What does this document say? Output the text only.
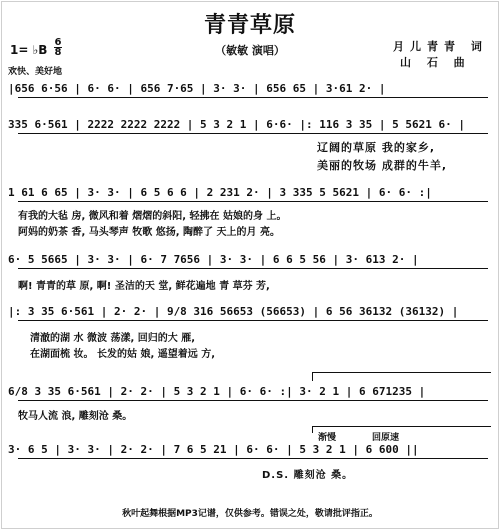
青青草原
（敏敏 演唱）	月儿青青 词
山 石 曲
1= ♭B
6
8
欢快、美好地
|656 6·56 | 6· 6· | 656 7·65 | 3· 3· | 656 65 | 3·61 2· |
335 6·561 | 2222 2222 2222 | 5 3 2 1 | 6·6· |: 116 3 35 | 5 5621 6· |
辽阔的草原 我的家乡,
美丽的牧场 成群的牛羊,
1 61 6 65 | 3· 3· | 6 5 6 6 | 2 231 2· | 3 335 5 5621 | 6· 6· :|
有我的大毡 房, 微风和着 熠熠的斜阳, 轻拂在 姑娘的身 上。
阿妈的奶茶 香, 马头琴声 牧歌 悠扬, 陶醉了 天上的月 亮。
6· 5 5665 | 3· 3· | 6· 7 7656 | 3· 3· | 6 6 5 56 | 3· 613 2· |
啊! 青青的草 原, 啊! 圣洁的天 堂, 鲜花遍地 青 草芬 芳,
|: 3 35 6·561 | 2· 2· | 9/8 316 56653 (56653) | 6 56 36132 (36132) |
清澈的湖 水 微波 荡漾, 回归的大 雁,
在湖面梳 妆。 长发的姑 娘, 遥望着远 方,
6/8 3 35 6·561 | 2· 2· | 5 3 2 1 | 6· 6· :| 3· 2 1 | 6 671235 |
牧马人流 浪, 雕刻沧 桑。
渐慢	回原速
3· 6 5 | 3· 3· | 2· 2· | 7 6 5 21 | 6· 6· | 5 3 2 1 | 6 600 ||
D.S. 雕刻沧 桑。
秋叶起舞根据MP3记谱，仅供参考。错误之处，敬请批评指正。
